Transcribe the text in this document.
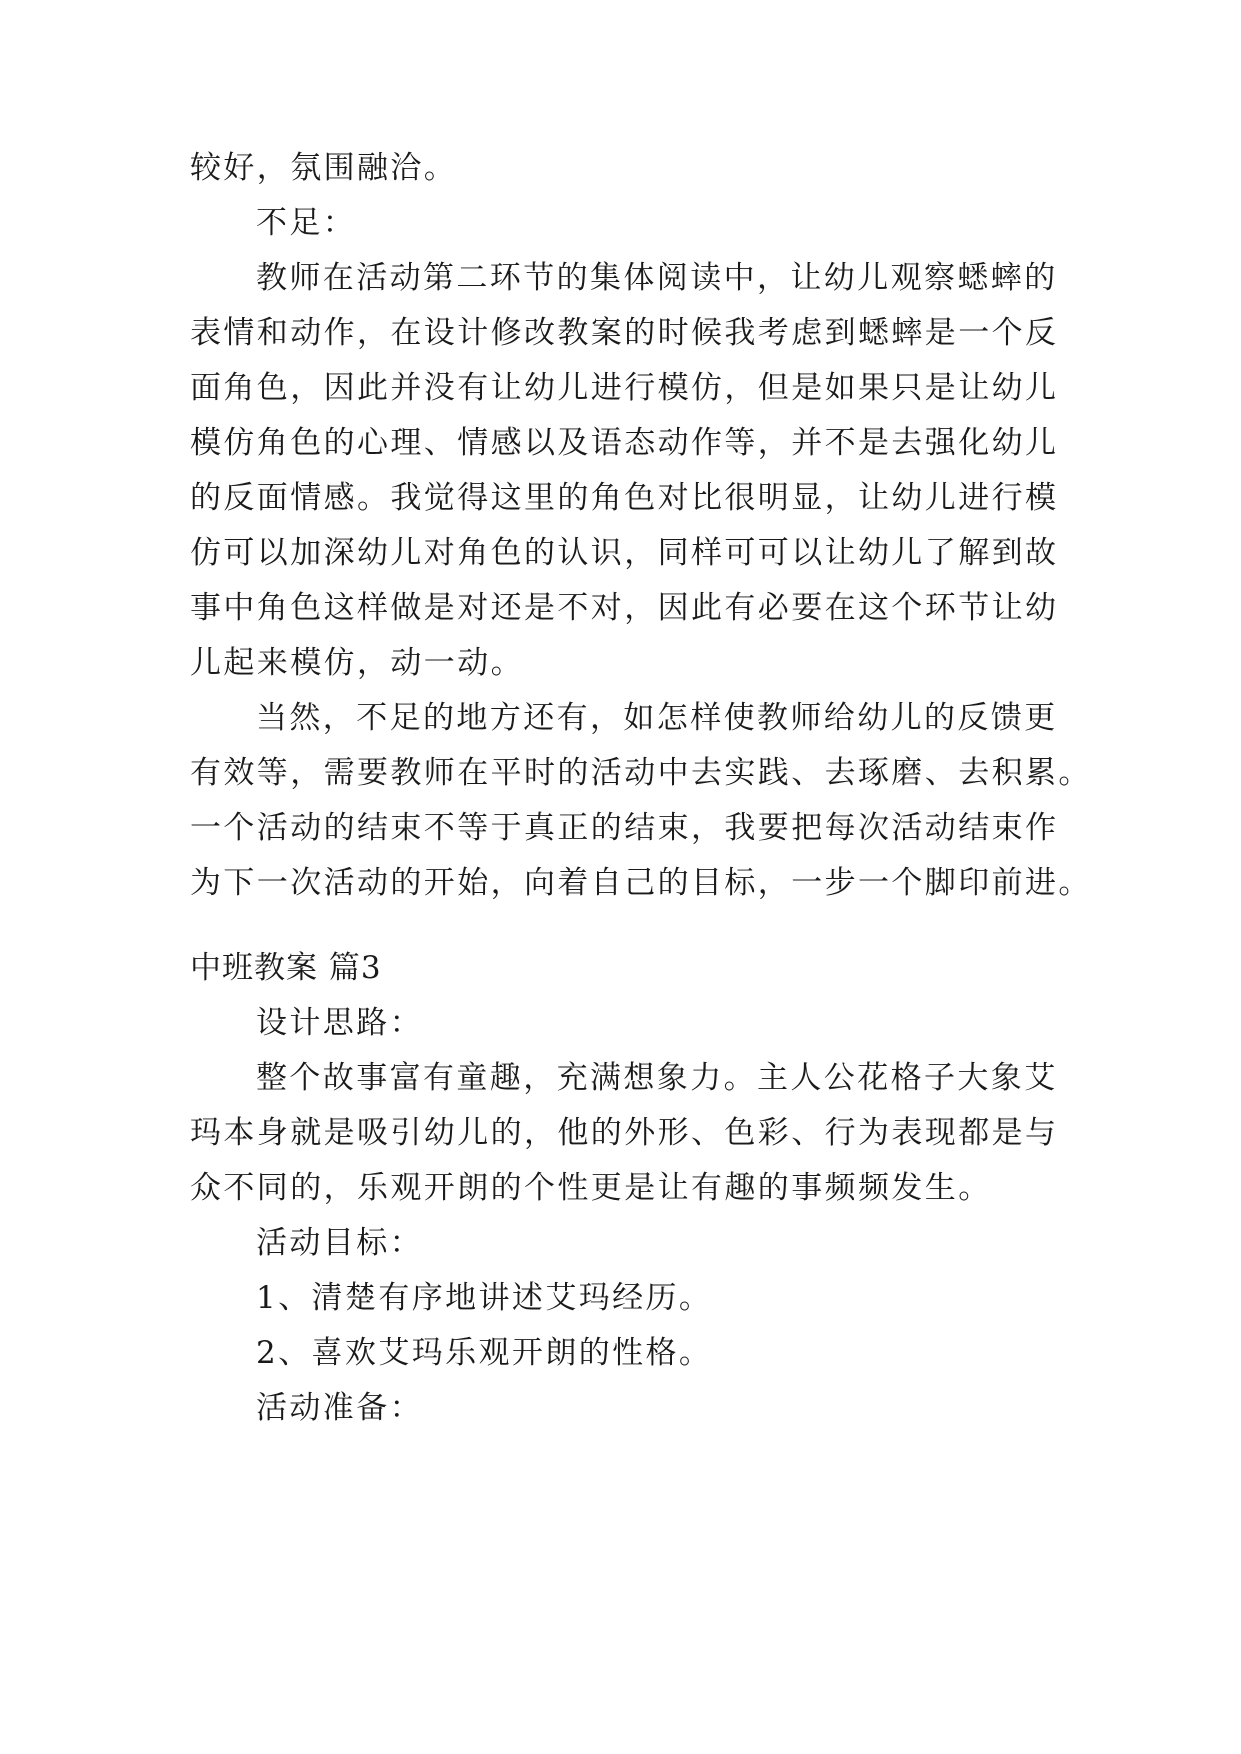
较好，氛围融洽。
不足：
教师在活动第二环节的集体阅读中，让幼儿观察蟋蟀的
表情和动作，在设计修改教案的时候我考虑到蟋蟀是一个反
面角色，因此并没有让幼儿进行模仿，但是如果只是让幼儿
模仿角色的心理、情感以及语态动作等，并不是去强化幼儿
的反面情感。我觉得这里的角色对比很明显，让幼儿进行模
仿可以加深幼儿对角色的认识，同样可可以让幼儿了解到故
事中角色这样做是对还是不对，因此有必要在这个环节让幼
儿起来模仿，动一动。
当然，不足的地方还有，如怎样使教师给幼儿的反馈更
有效等，需要教师在平时的活动中去实践、去琢磨、去积累。
一个活动的结束不等于真正的结束，我要把每次活动结束作
为下一次活动的开始，向着自己的目标，一步一个脚印前进。
中班教案 篇3
设计思路：
整个故事富有童趣，充满想象力。主人公花格子大象艾
玛本身就是吸引幼儿的，他的外形、色彩、行为表现都是与
众不同的，乐观开朗的个性更是让有趣的事频频发生。
活动目标：
1、清楚有序地讲述艾玛经历。
2、喜欢艾玛乐观开朗的性格。
活动准备：
